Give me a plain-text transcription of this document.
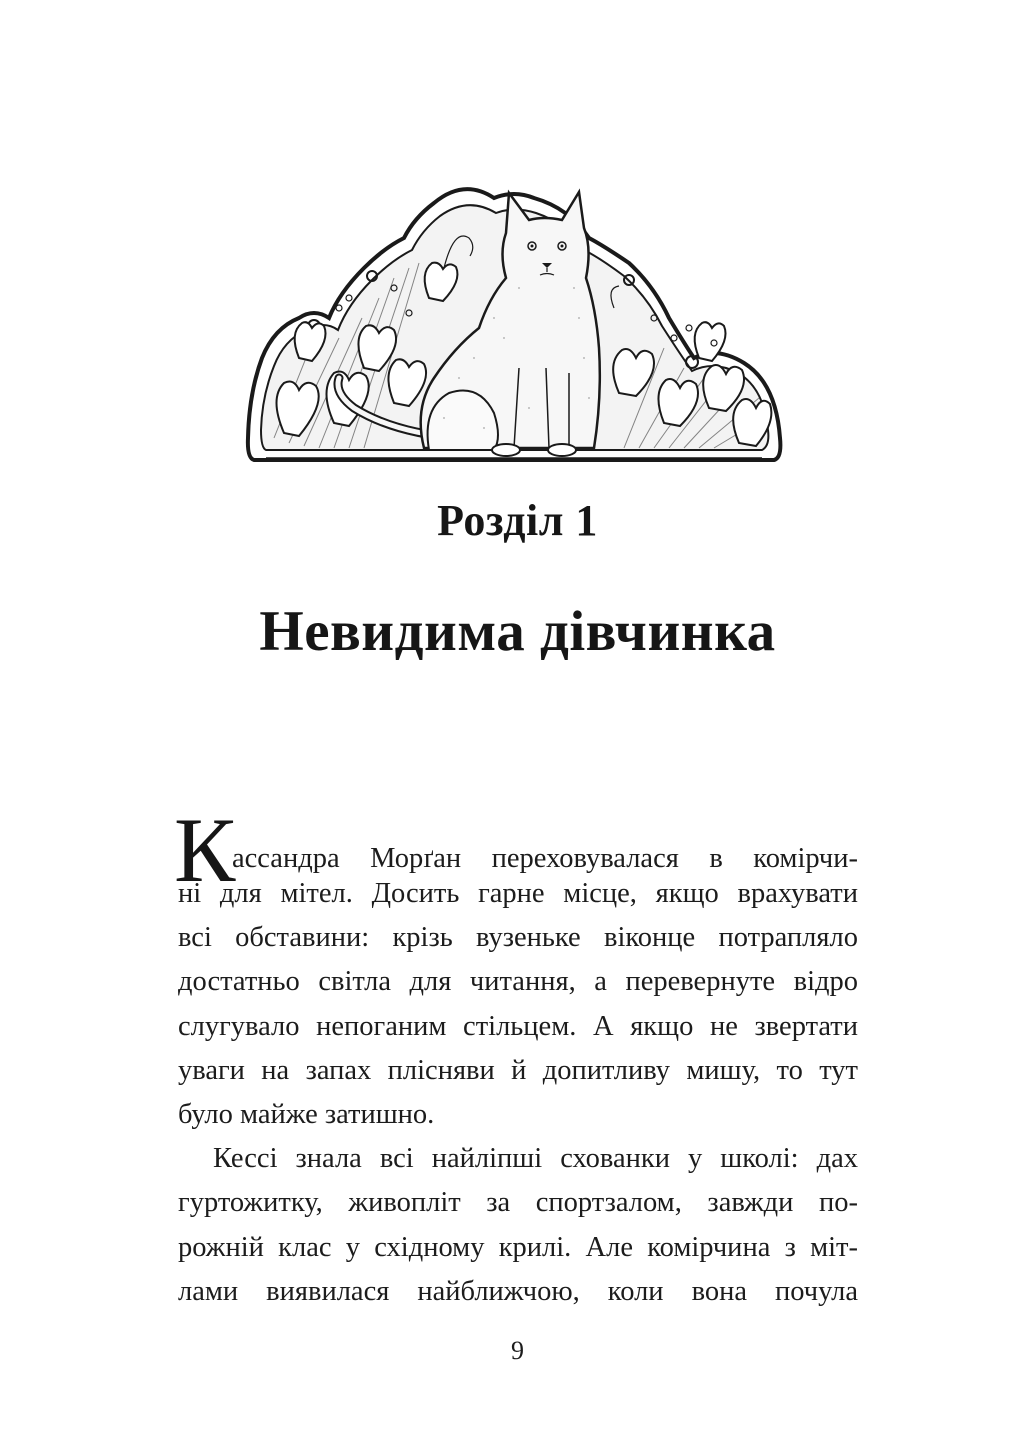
Розділ 1
Невидима дівчинка
К
ассандра Морґан переховувалася в комірчи-
ні для мітел. Досить гарне місце, якщо врахувати
всі обставини: крізь вузеньке віконце потрапляло
достатньо світла для читання, а перевернуте відро
слугувало непоганим стільцем. А якщо не звертати
уваги на запах плісняви й допитливу мишу, то тут
було майже затишно.
Кессі знала всі найліпші схованки у школі: дах
гуртожитку, живопліт за спортзалом, завжди по-
рожній клас у східному крилі. Але комірчина з міт-
лами виявилася найближчою, коли вона почула
9
